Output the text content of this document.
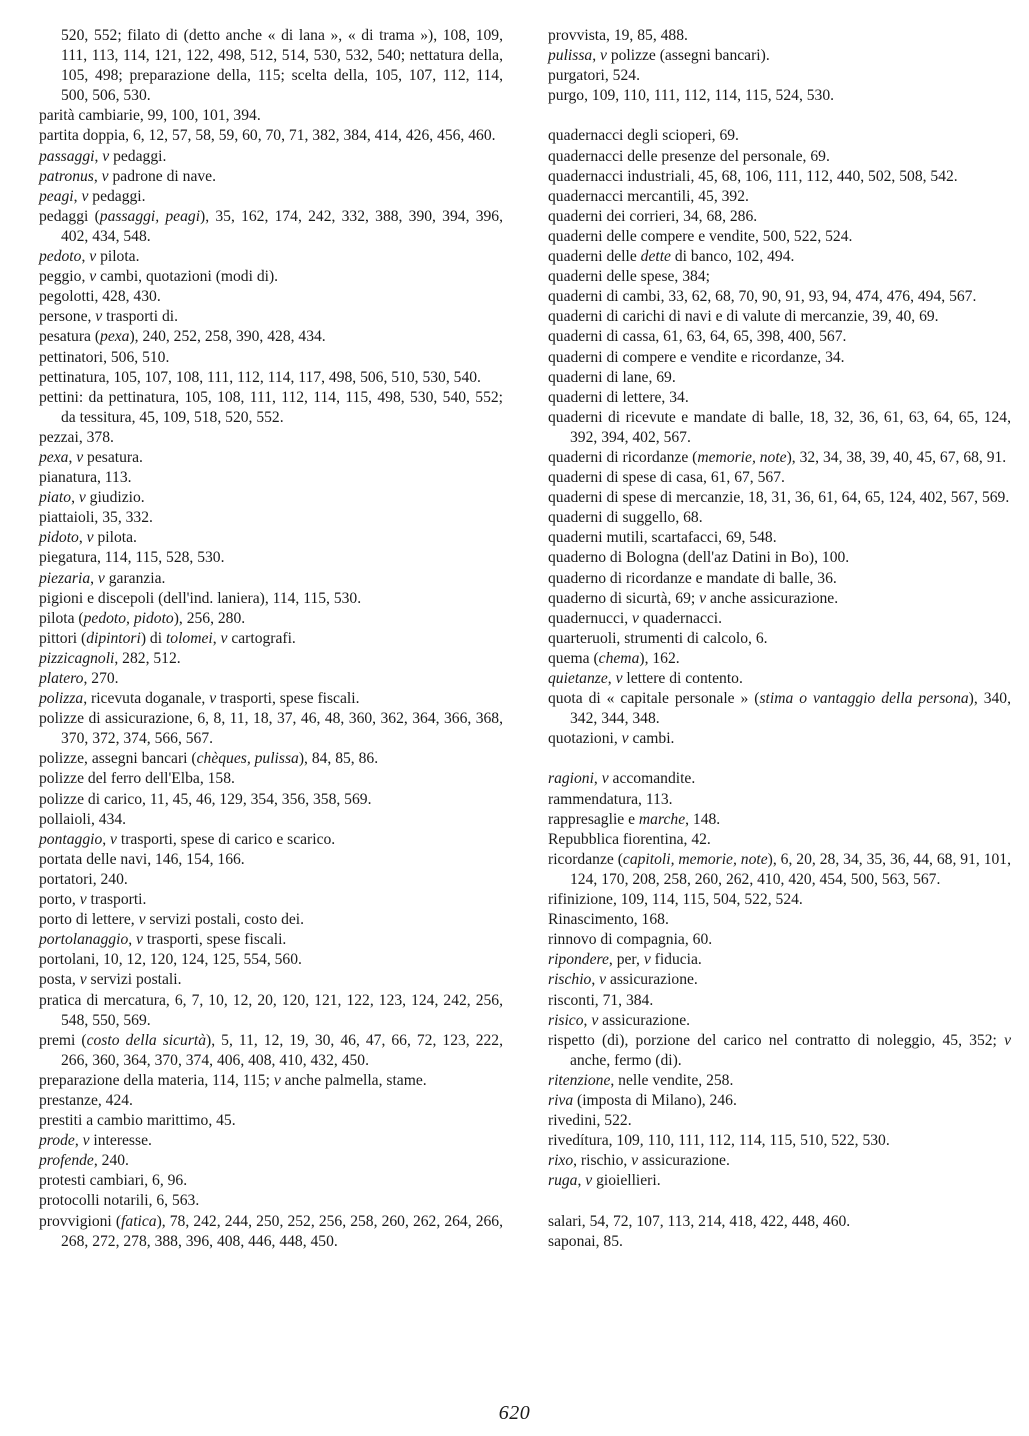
520, 552; filato di (detto anche « di lana », « di trama »), 108, 109, 111, 113, 114, 121, 122, 498, 512, 514, 530, 532, 540; nettatura della, 105, 498; preparazione della, 115; scelta della, 105, 107, 112, 114, 500, 506, 530.

parità cambiarie, 99, 100, 101, 394.

partita doppia, 6, 12, 57, 58, 59, 60, 70, 71, 382, 384, 414, 426, 456, 460.

passaggi, v pedaggi.

patronus, v padrone di nave.

peagi, v pedaggi.

pedaggi (passaggi, peagi), 35, 162, 174, 242, 332, 388, 390, 394, 396, 402, 434, 548.

pedoto, v pilota.

peggio, v cambi, quotazioni (modi di).

pegolotti, 428, 430.

persone, v trasporti di.

pesatura (pexa), 240, 252, 258, 390, 428, 434.

pettinatori, 506, 510.

pettinatura, 105, 107, 108, 111, 112, 114, 117, 498, 506, 510, 530, 540.

pettini: da pettinatura, 105, 108, 111, 112, 114, 115, 498, 530, 540, 552; da tessitura, 45, 109, 518, 520, 552.

pezzai, 378.

pexa, v pesatura.

pianatura, 113.

piato, v giudizio.

piattaioli, 35, 332.

pidoto, v pilota.

piegatura, 114, 115, 528, 530.

piezaria, v garanzia.

pigioni e discepoli (dell'ind. laniera), 114, 115, 530.

pilota (pedoto, pidoto), 256, 280.

pittori (dipintori) di tolomei, v cartografi.

pizzicagnoli, 282, 512.

platero, 270.

polizza, ricevuta doganale, v trasporti, spese fiscali.

polizze di assicurazione, 6, 8, 11, 18, 37, 46, 48, 360, 362, 364, 366, 368, 370, 372, 374, 566, 567.

polizze, assegni bancari (chèques, pulissa), 84, 85, 86.

polizze del ferro dell'Elba, 158.

polizze di carico, 11, 45, 46, 129, 354, 356, 358, 569.

pollaioli, 434.

pontaggio, v trasporti, spese di carico e scarico.

portata delle navi, 146, 154, 166.

portatori, 240.

porto, v trasporti.

porto di lettere, v servizi postali, costo dei.

portolanaggio, v trasporti, spese fiscali.

portolani, 10, 12, 120, 124, 125, 554, 560.

posta, v servizi postali.

pratica di mercatura, 6, 7, 10, 12, 20, 120, 121, 122, 123, 124, 242, 256, 548, 550, 569.

premi (costo della sicurtà), 5, 11, 12, 19, 30, 46, 47, 66, 72, 123, 222, 266, 360, 364, 370, 374, 406, 408, 410, 432, 450.

preparazione della materia, 114, 115; v anche palmella, stame.

prestanze, 424.

prestiti a cambio marittimo, 45.

prode, v interesse.

profende, 240.

protesti cambiari, 6, 96.

protocolli notarili, 6, 563.

provvigioni (fatica), 78, 242, 244, 250, 252, 256, 258, 260, 262, 264, 266, 268, 272, 278, 388, 396, 408, 446, 448, 450.

provvista, 19, 85, 488.

pulissa, v polizze (assegni bancari).

purgatori, 524.

purgo, 109, 110, 111, 112, 114, 115, 524, 530.

quadernacci degli scioperi, 69.

quadernacci delle presenze del personale, 69.

quadernacci industriali, 45, 68, 106, 111, 112, 440, 502, 508, 542.

quadernacci mercantili, 45, 392.

quaderni dei corrieri, 34, 68, 286.

quaderni delle compere e vendite, 500, 522, 524.

quaderni delle dette di banco, 102, 494.

quaderni delle spese, 384;

quaderni di cambi, 33, 62, 68, 70, 90, 91, 93, 94, 474, 476, 494, 567.

quaderni di carichi di navi e di valute di mercanzie, 39, 40, 69.

quaderni di cassa, 61, 63, 64, 65, 398, 400, 567.

quaderni di compere e vendite e ricordanze, 34.

quaderni di lane, 69.

quaderni di lettere, 34.

quaderni di ricevute e mandate di balle, 18, 32, 36, 61, 63, 64, 65, 124, 392, 394, 402, 567.

quaderni di ricordanze (memorie, note), 32, 34, 38, 39, 40, 45, 67, 68, 91.

quaderni di spese di casa, 61, 67, 567.

quaderni di spese di mercanzie, 18, 31, 36, 61, 64, 65, 124, 402, 567, 569.

quaderni di suggello, 68.

quaderni mutili, scartafacci, 69, 548.

quaderno di Bologna (dell'az Datini in Bo), 100.

quaderno di ricordanze e mandate di balle, 36.

quaderno di sicurtà, 69; v anche assicurazione.

quadernucci, v quadernacci.

quarteruoli, strumenti di calcolo, 6.

quema (chema), 162.

quietanze, v lettere di contento.

quota di « capitale personale » (stima o vantaggio della persona), 340, 342, 344, 348.

quotazioni, v cambi.

ragioni, v accomandite.

rammendatura, 113.

rappresaglie e marche, 148.

Repubblica fiorentina, 42.

ricordanze (capitoli, memorie, note), 6, 20, 28, 34, 35, 36, 44, 68, 91, 101, 124, 170, 208, 258, 260, 262, 410, 420, 454, 500, 563, 567.

rifinizione, 109, 114, 115, 504, 522, 524.

Rinascimento, 168.

rinnovo di compagnia, 60.

ripondere, per, v fiducia.

rischio, v assicurazione.

risconti, 71, 384.

risico, v assicurazione.

rispetto (di), porzione del carico nel contratto di noleggio, 45, 352; v anche, fermo (di).

ritenzione, nelle vendite, 258.

riva (imposta di Milano), 246.

rivedini, 522.

rivedítura, 109, 110, 111, 112, 114, 115, 510, 522, 530.

rixo, rischio, v assicurazione.

ruga, v gioiellieri.

salari, 54, 72, 107, 113, 214, 418, 422, 448, 460.

saponai, 85.

620
